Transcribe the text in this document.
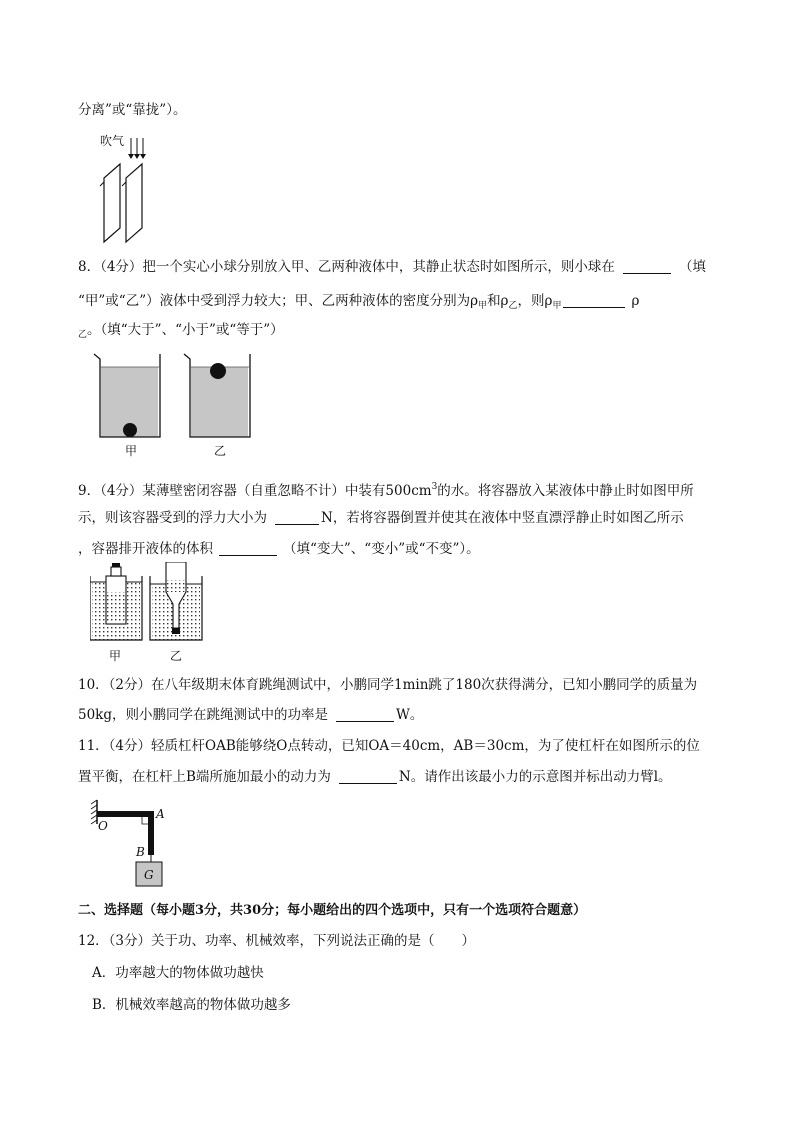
分离”或“靠拢”）。
吹气
8．（4分）把一个实心小球分别放入甲、乙两种液体中，其静止状态时如图所示，则小球在	（填
“甲”或“乙”）液体中受到浮力较大；甲、乙两种液体的密度分别为$\rho_甲$和$\rho_乙$，则$\rho_甲$	ρ
$_乙$。（填“大于”、“小于”或“等于”）
甲	乙
9．（4分）某薄壁密闭容器（自重忽略不计）中装有$500cm^3$的水。将容器放入某液体中静止时如图甲所
示，则该容器受到的浮力大小为	N，若将容器倒置并使其在液体中竖直漂浮静止时如图乙所示
，容器排开液体的体积	（填“变大”、“变小”或“不变”）。
甲	乙
10．（2分）在八年级期末体育跳绳测试中，小鹏同学1min跳了180次获得满分，已知小鹏同学的质量为
50kg，则小鹏同学在跳绳测试中的功率是	W。
11．（4分）轻质杠杆OAB能够绕O点转动，已知OA＝40cm，AB＝30cm，为了使杠杆在如图所示的位
置平衡，在杠杆上B端所施加最小的动力为	N。请作出该最小力的示意图并标出动力臂l。
O
A
B
G
二、选择题（每小题3分，共30分；每小题给出的四个选项中，只有一个选项符合题意）
12．（3分）关于功、功率、机械效率，下列说法正确的是（　　）
A．功率越大的物体做功越快
B．机械效率越高的物体做功越多
